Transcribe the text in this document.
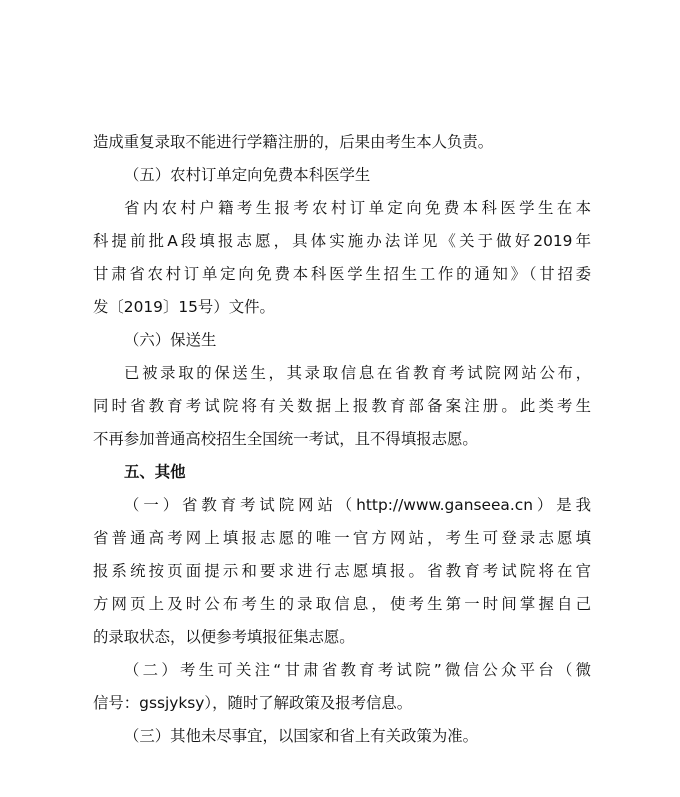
造成重复录取不能进行学籍注册的，后果由考生本人负责。

（五）农村订单定向免费本科医学生

省内农村户籍考生报考农村订单定向免费本科医学生在本
科提前批A段填报志愿，具体实施办法详见《关于做好2019年
甘肃省农村订单定向免费本科医学生招生工作的通知》（甘招委
发〔2019〕15号）文件。

（六）保送生

已被录取的保送生，其录取信息在省教育考试院网站公布，
同时省教育考试院将有关数据上报教育部备案注册。此类考生
不再参加普通高校招生全国统一考试，且不得填报志愿。

五、其他

（一）省教育考试院网站（http://www.ganseea.cn）是我
省普通高考网上填报志愿的唯一官方网站，考生可登录志愿填
报系统按页面提示和要求进行志愿填报。省教育考试院将在官
方网页上及时公布考生的录取信息，使考生第一时间掌握自己
的录取状态，以便参考填报征集志愿。

（二）考生可关注“甘肃省教育考试院”微信公众平台（微
信号：gssjyksy），随时了解政策及报考信息。

（三）其他未尽事宜，以国家和省上有关政策为准。
